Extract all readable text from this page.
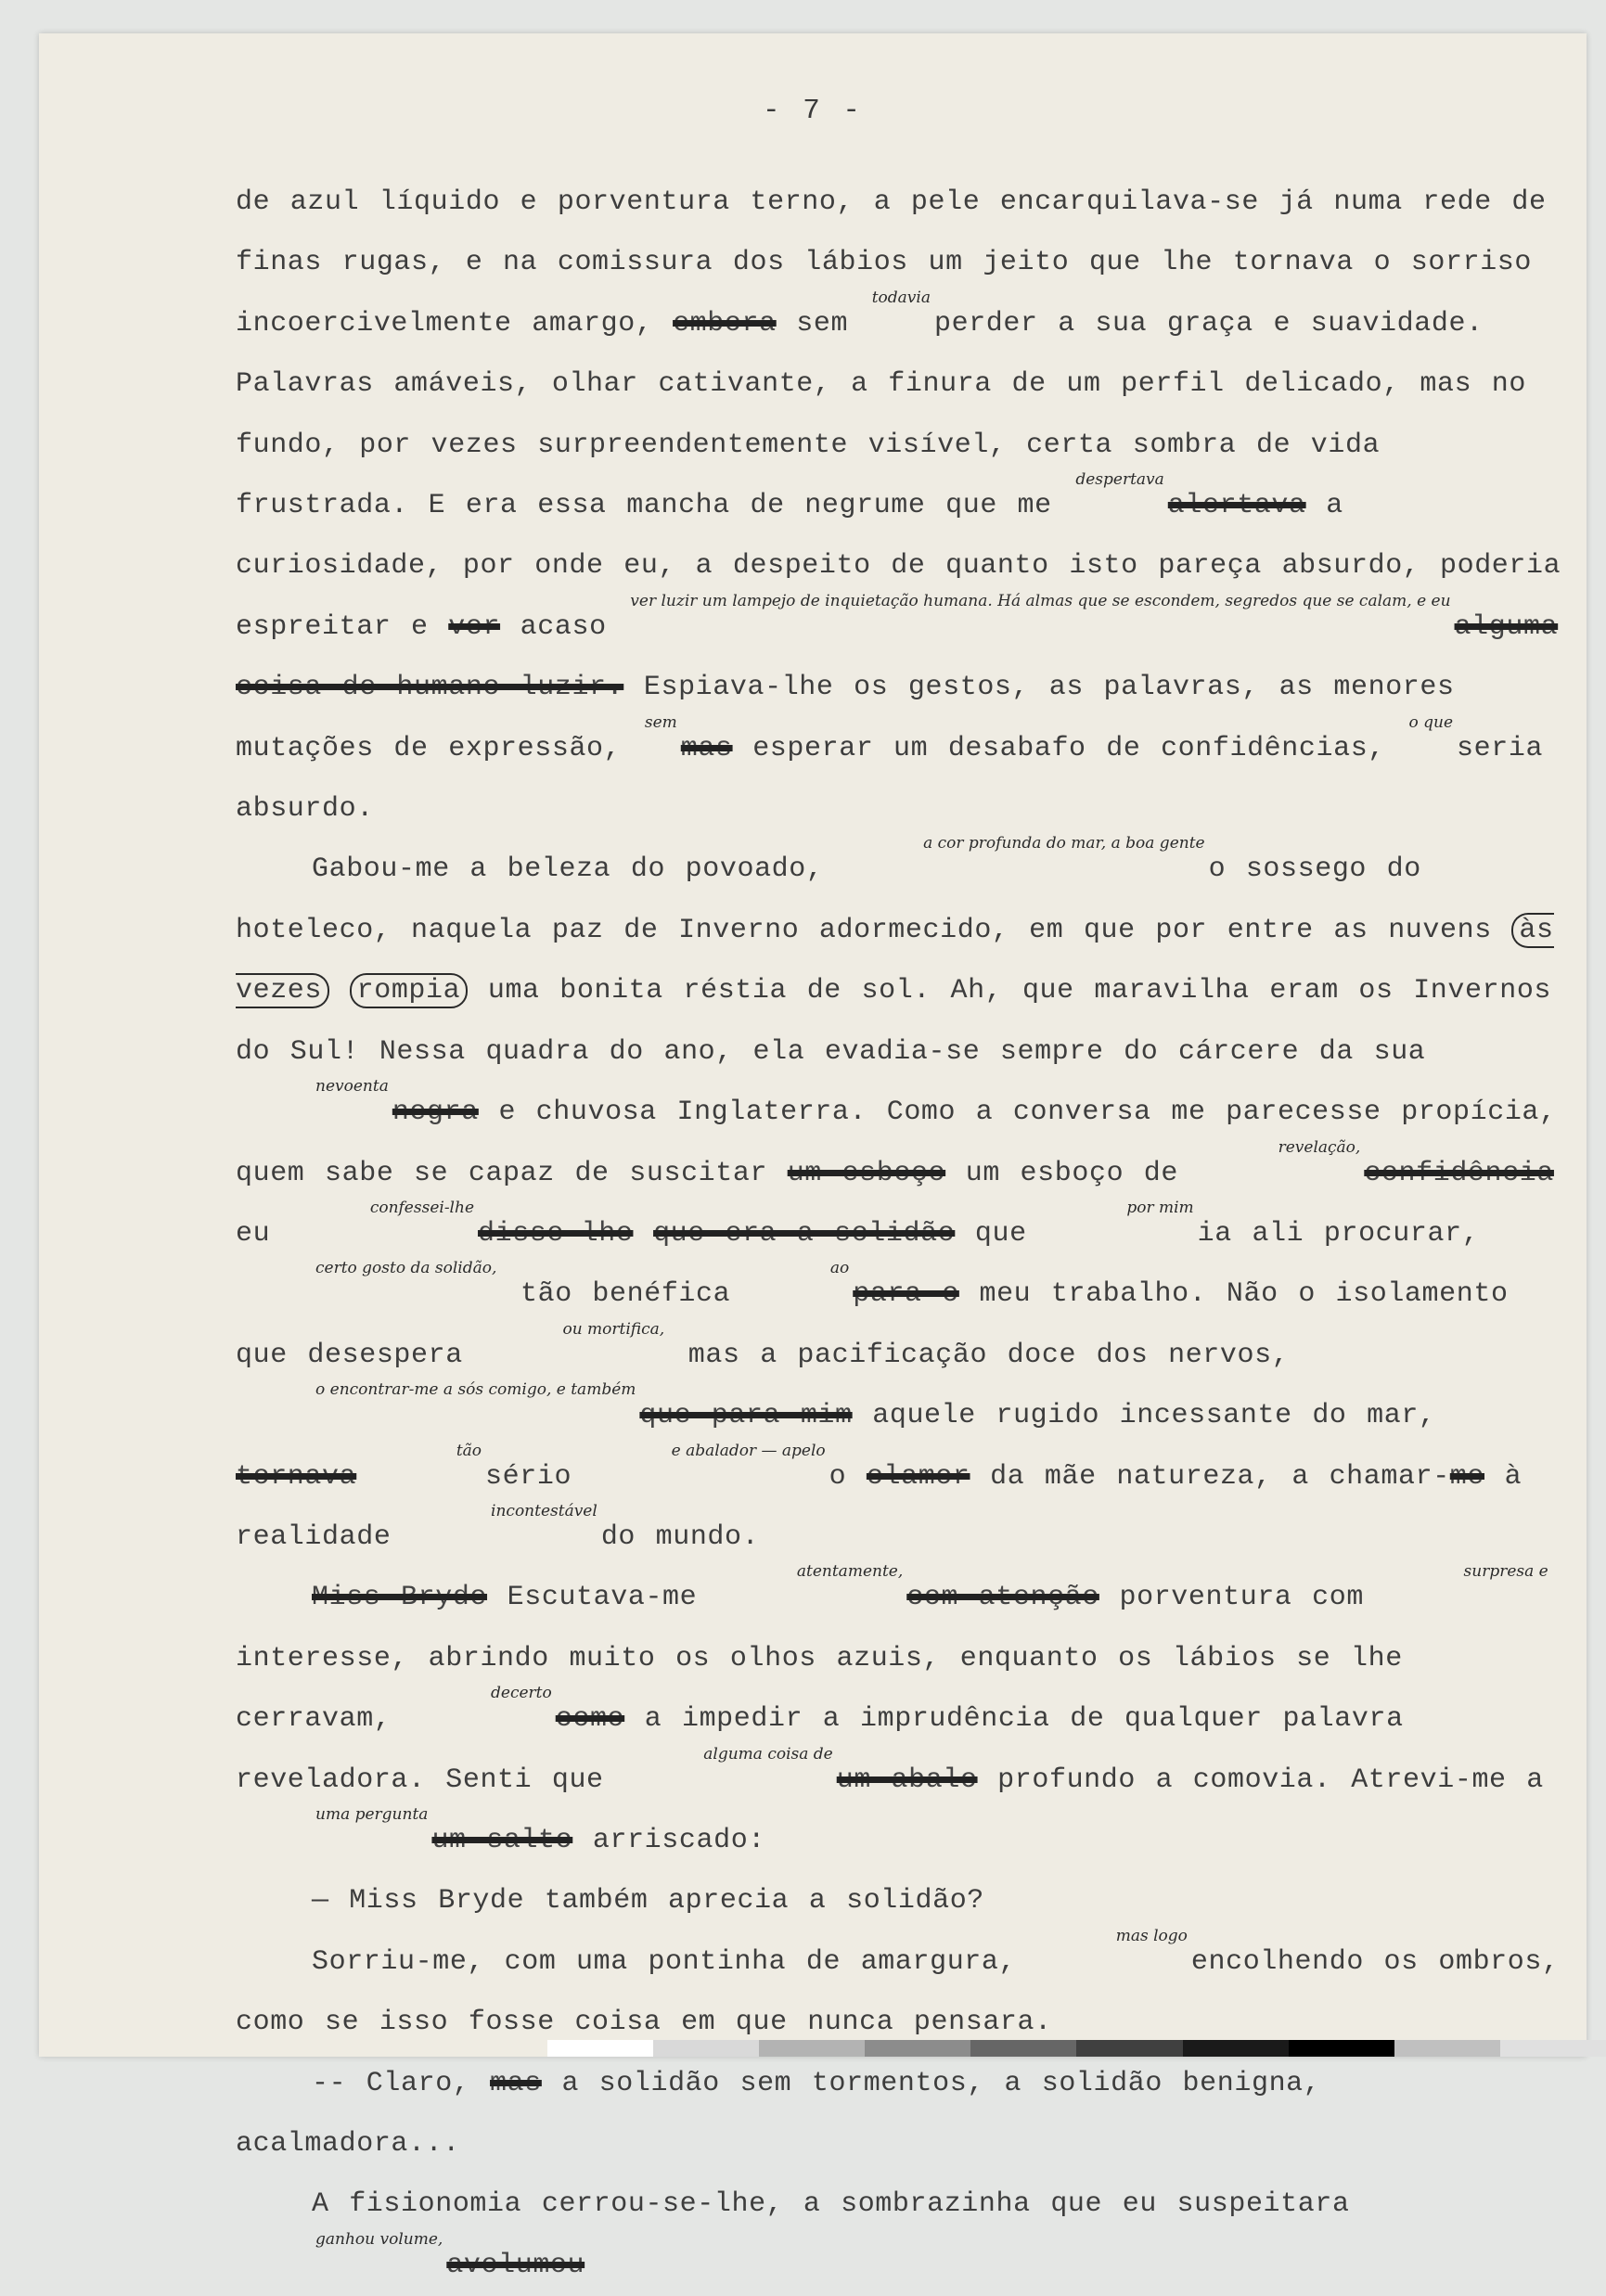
- 7 -

de azul líquido e porventura terno, a pele encarquilava-se já numa rede de finas rugas, e na comissura dos lábios um jeito que lhe tornava o sorriso incoercivelmente amargo, embora sem todaviaperder a sua graça e suavidade. Palavras amáveis, olhar cativante, a finura de um perfil delicado, mas no fundo, por vezes surpreendentemente visível, certa sombra de vida frustrada. E era essa mancha de negrume que me despertavaalertava a curiosidade, por onde eu, a despeito de quanto isto pareça absurdo, poderia espreitar e ver acaso ver luzir um lampejo de inquietação humana. Há almas que se escondem, segredos que se calam, e eualguma coisa de humano luzir. Espiava-lhe os gestos, as palavras, as menores mutações de expressão, semmas esperar um desabafo de confidências, o queseria absurdo.

Gabou-me a beleza do povoado, a cor profunda do mar, a boa genteo sossego do hoteleco, naquela paz de Inverno adormecido, em que por entre as nuvens às vezes rompia uma bonita réstia de sol. Ah, que maravilha eram os Invernos do Sul! Nessa quadra do ano, ela evadia-se sempre do cárcere da sua nevoentanegra e chuvosa Inglaterra. Como a conversa me parecesse propícia, quem sabe se capaz de suscitar um esboço um esboço de revelação,confidência eu confessei-lhedisse-lhe que era a solidão que por mimia ali procurar, certo gosto da solidão, tão benéfica aopara o meu trabalho. Não o isolamento que desespera ou mortifica, mas a pacificação doce dos nervos, o encontrar-me a sós comigo, e tambémque para mim aquele rugido incessante do mar, tornava tãosério e abalador — apeloo clamor da mãe natureza, a chamar-me à realidade incontestáveldo mundo.

Miss Bryde Escutava-me atentamente,com atenção porventura com surpresa einteresse, abrindo muito os olhos azuis, enquanto os lábios se lhe cerravam, decertocomo a impedir a imprudência de qualquer palavra reveladora. Senti que alguma coisa deum abalo profundo a comovia. Atrevi-me a uma perguntaum salto arriscado:

— Miss Bryde também aprecia a solidão?

Sorriu-me, com uma pontinha de amargura, mas logoencolhendo os ombros, como se isso fosse coisa em que nunca pensara.

-- Claro, mas a solidão sem tormentos, a solidão benigna, acalmadora...

A fisionomia cerrou-se-lhe, a sombrazinha que eu suspeitara ganhou volume,avolumou
